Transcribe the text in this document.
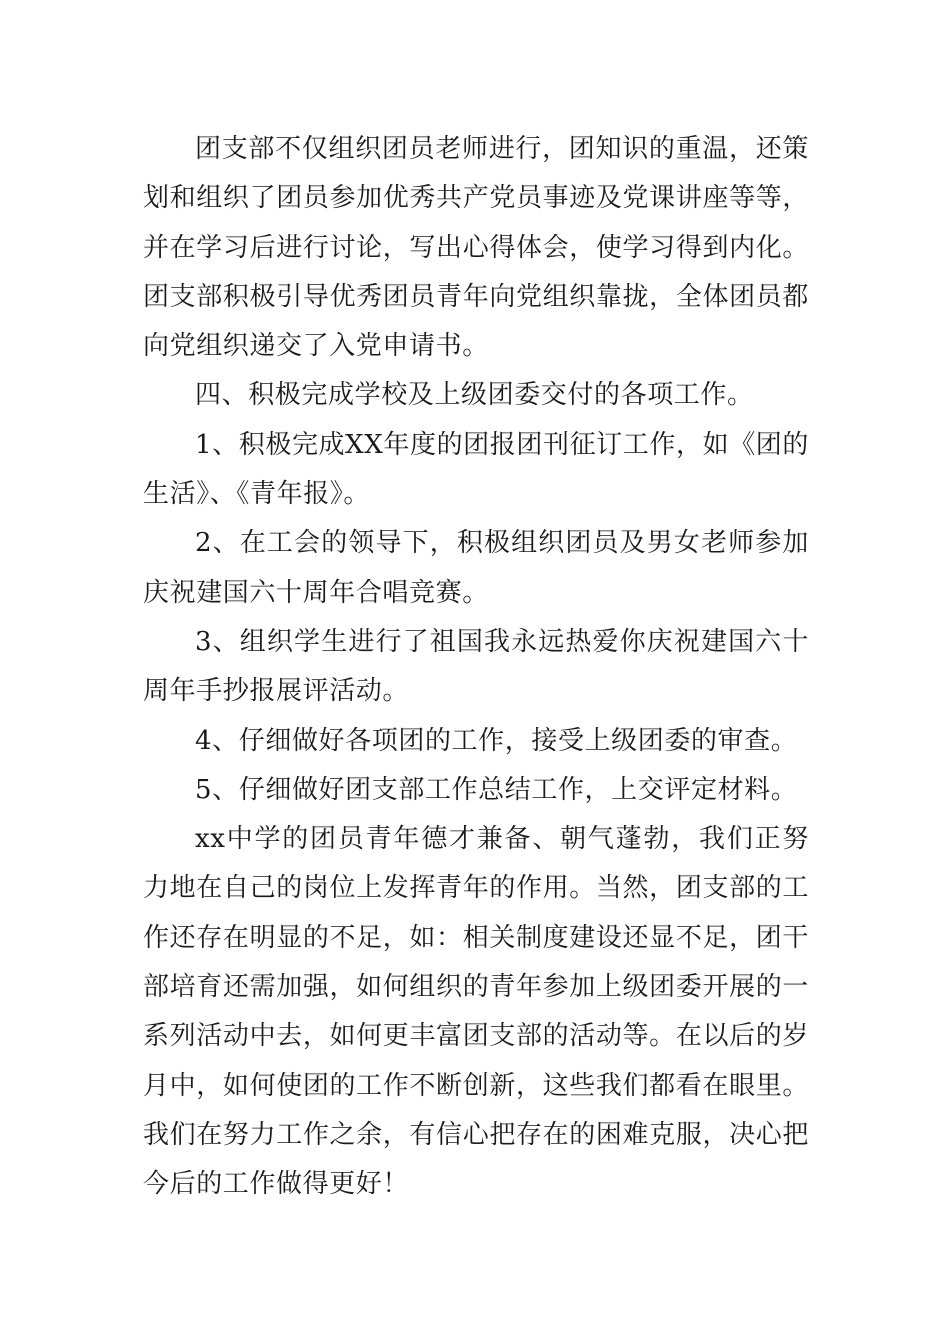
团支部不仅组织团员老师进行，团知识的重温，还策划和组织了团员参加优秀共产党员事迹及党课讲座等等，并在学习后进行讨论，写出心得体会，使学习得到内化。团支部积极引导优秀团员青年向党组织靠拢，全体团员都向党组织递交了入党申请书。

四、积极完成学校及上级团委交付的各项工作。

1、积极完成XX年度的团报团刊征订工作，如《团的生活》、《青年报》。

2、在工会的领导下，积极组织团员及男女老师参加庆祝建国六十周年合唱竞赛。

3、组织学生进行了祖国我永远热爱你庆祝建国六十周年手抄报展评活动。

4、仔细做好各项团的工作，接受上级团委的审查。

5、仔细做好团支部工作总结工作，上交评定材料。

xx中学的团员青年德才兼备、朝气蓬勃，我们正努力地在自己的岗位上发挥青年的作用。当然，团支部的工作还存在明显的不足，如：相关制度建设还显不足，团干部培育还需加强，如何组织的青年参加上级团委开展的一系列活动中去，如何更丰富团支部的活动等。在以后的岁月中，如何使团的工作不断创新，这些我们都看在眼里。我们在努力工作之余，有信心把存在的困难克服，决心把今后的工作做得更好！
